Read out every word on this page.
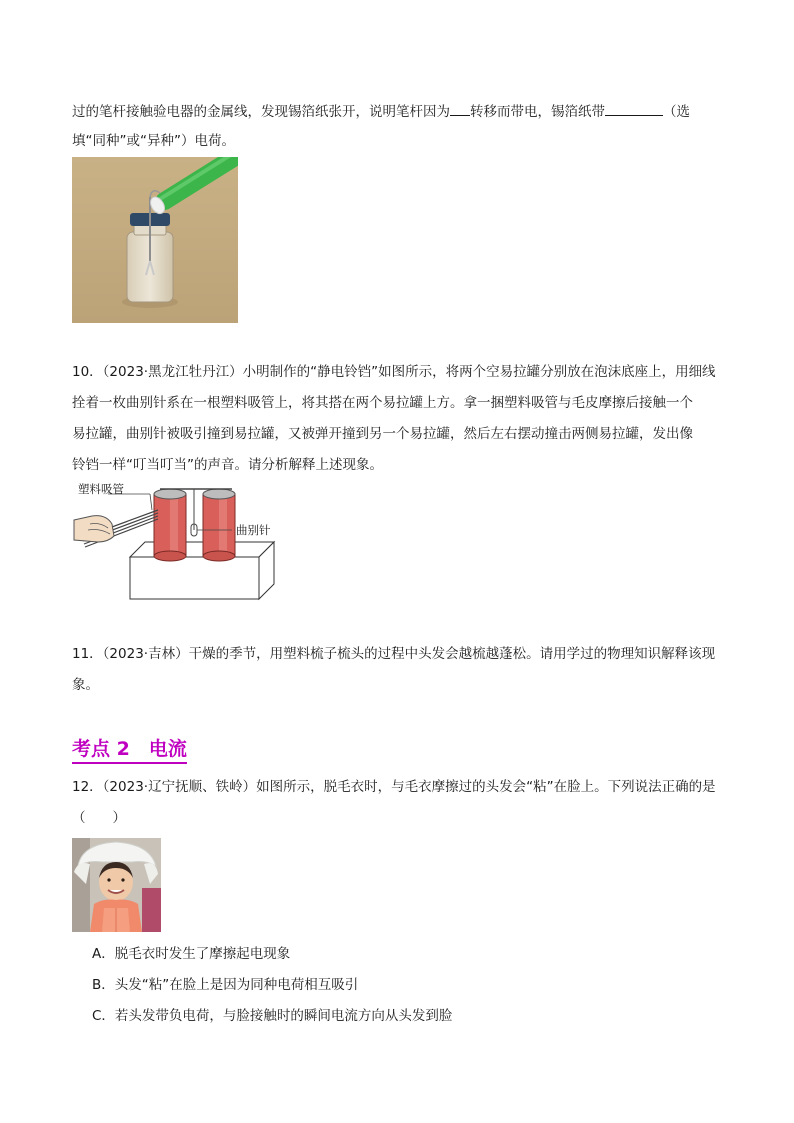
过的笔杆接触验电器的金属线，发现锡箔纸张开，说明笔杆因为 转移而带电，锡箔纸带	（选
填“同种”或“异种”）电荷。
10．（2023·黑龙江牡丹江）小明制作的“静电铃铛”如图所示，将两个空易拉罐分别放在泡沫底座上，用细线
拴着一枚曲别针系在一根塑料吸管上，将其搭在两个易拉罐上方。拿一捆塑料吸管与毛皮摩擦后接触一个
易拉罐，曲别针被吸引撞到易拉罐，又被弹开撞到另一个易拉罐，然后左右摆动撞击两侧易拉罐，发出像
铃铛一样“叮当叮当”的声音。请分析解释上述现象。
塑料吸管
曲别针
11．（2023·吉林）干燥的季节，用塑料梳子梳头的过程中头发会越梳越蓬松。请用学过的物理知识解释该现
象。
考点 2　电流
12．（2023·辽宁抚顺、铁岭）如图所示，脱毛衣时，与毛衣摩擦过的头发会“粘”在脸上。下列说法正确的是
（　　）
A．脱毛衣时发生了摩擦起电现象
B．头发“粘”在脸上是因为同种电荷相互吸引
C．若头发带负电荷，与脸接触时的瞬间电流方向从头发到脸
